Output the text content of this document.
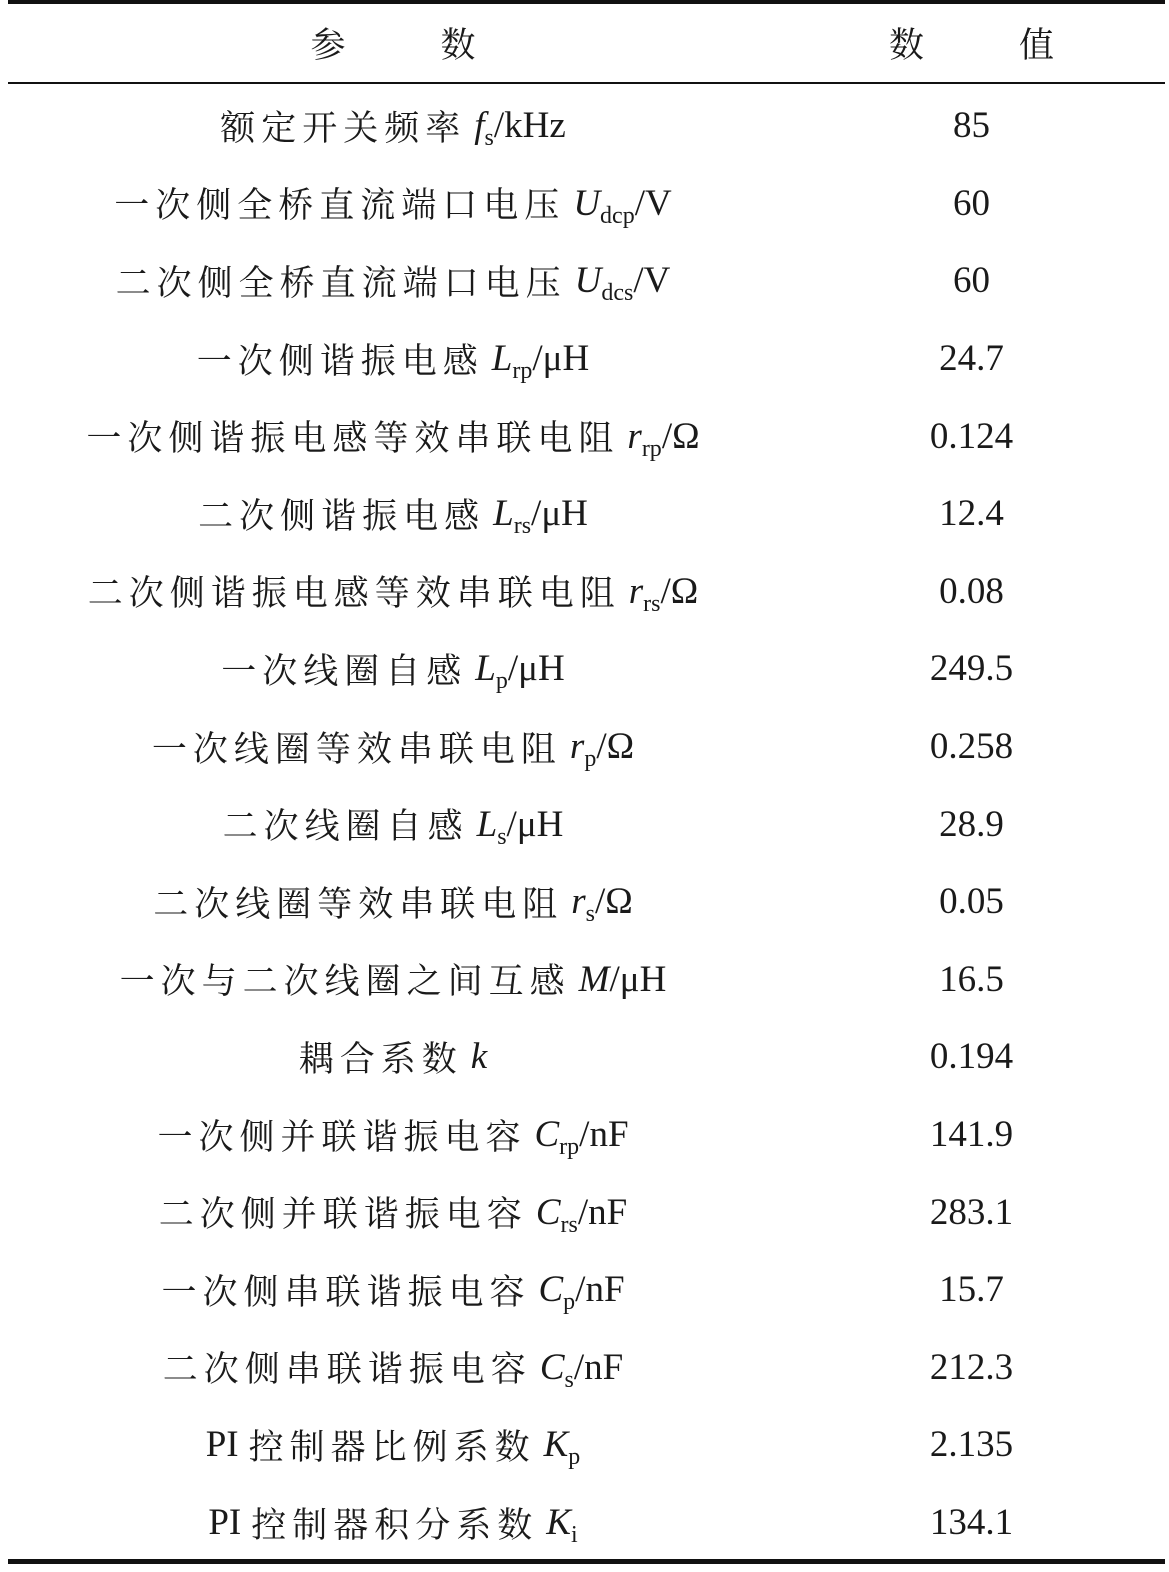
参　数	数　值
额定开关频率 $f_s$/kHz	85
一次侧全桥直流端口电压 $U_{dcp}/V$	60
二次侧全桥直流端口电压 $U_{dcs}/V$	60
一次侧谐振电感 $L_{rp}/\mu H$	24.7
一次侧谐振电感等效串联电阻 $r_{rp}/\Omega$	0.124
二次侧谐振电感 $L_{rs}/\mu H$	12.4
二次侧谐振电感等效串联电阻 $r_{rs}/\Omega$	0.08
一次线圈自感 $L_p/\mu H$	249.5
一次线圈等效串联电阻 $r_p/\Omega$	0.258
二次线圈自感 $L_s/\mu H$	28.9
二次线圈等效串联电阻 $r_s/\Omega$	0.05
一次与二次线圈之间互感 M/μH	16.5
耦合系数 k	0.194
一次侧并联谐振电容 $C_{rp}/nF$	141.9
二次侧并联谐振电容 $C_{rs}/nF$	283.1
一次侧串联谐振电容 $C_p/nF$	15.7
二次侧串联谐振电容 $C_s/nF$	212.3
PI 控制器比例系数 $K_p$	2.135
PI 控制器积分系数 $K_i$	134.1
